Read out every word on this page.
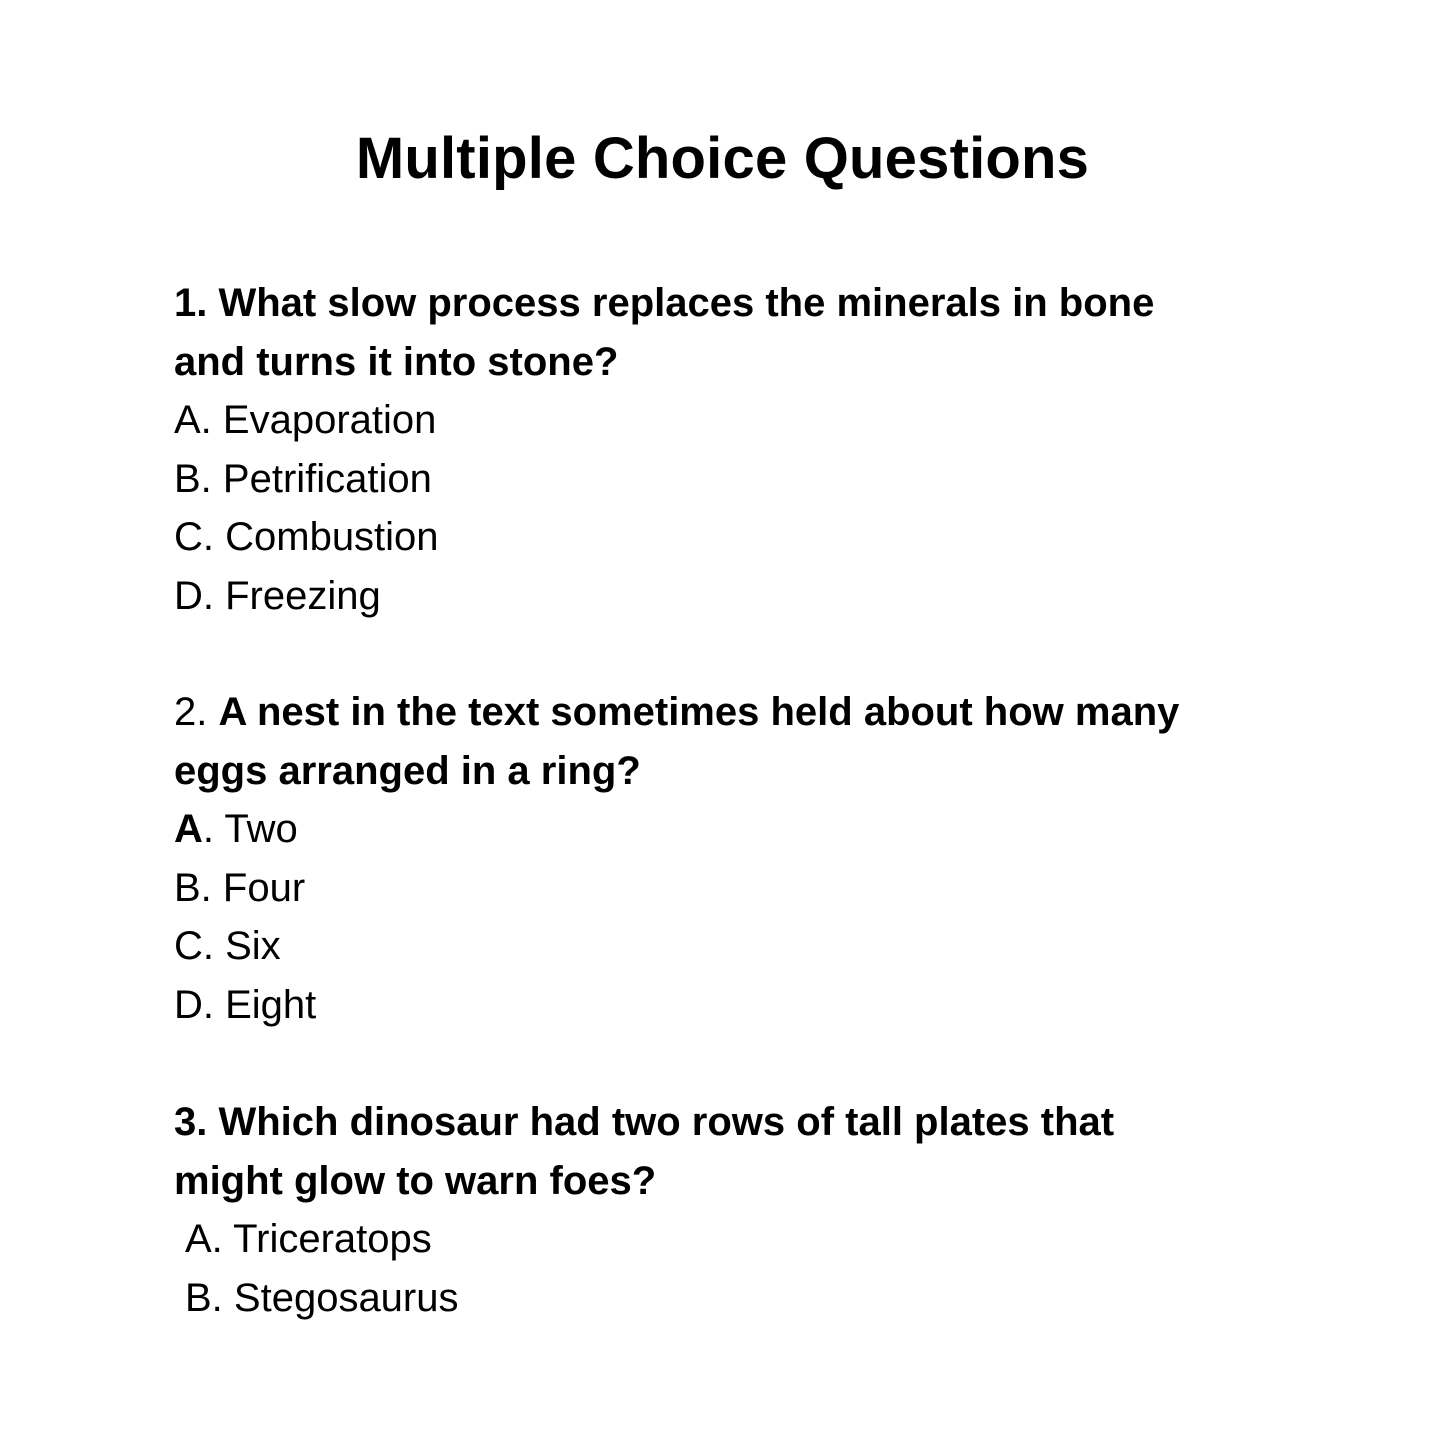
Multiple Choice Questions
1. What slow process replaces the minerals in bone
and turns it into stone?
A. Evaporation
B. Petrification
C. Combustion
D. Freezing
2. A nest in the text sometimes held about how many
eggs arranged in a ring?
A. Two
B. Four
C. Six
D. Eight
3. Which dinosaur had two rows of tall plates that
might glow to warn foes?
A. Triceratops
B. Stegosaurus
